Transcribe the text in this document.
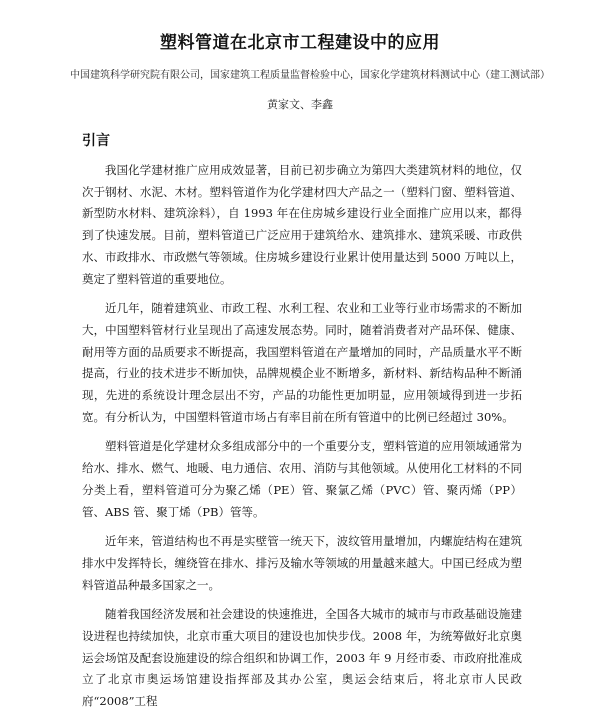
塑料管道在北京市工程建设中的应用
中国建筑科学研究院有限公司，国家建筑工程质量监督检验中心，国家化学建筑材料测试中心（建工测试部）
黄家文、李鑫
引言

我国化学建材推广应用成效显著，目前已初步确立为第四大类建筑材料的地位，仅次于钢材、水泥、木材。塑料管道作为化学建材四大产品之一（塑料门窗、塑料管道、新型防水材料、建筑涂料），自 1993 年在住房城乡建设行业全面推广应用以来，都得到了快速发展。目前，塑料管道已广泛应用于建筑给水、建筑排水、建筑采暖、市政供水、市政排水、市政燃气等领域。住房城乡建设行业累计使用量达到 5000 万吨以上，奠定了塑料管道的重要地位。

近几年，随着建筑业、市政工程、水利工程、农业和工业等行业市场需求的不断加大，中国塑料管材行业呈现出了高速发展态势。同时，随着消费者对产品环保、健康、耐用等方面的品质要求不断提高，我国塑料管道在产量增加的同时，产品质量水平不断提高，行业的技术进步不断加快，品牌规模企业不断增多，新材料、新结构品种不断涌现，先进的系统设计理念层出不穷，产品的功能性更加明显，应用领域得到进一步拓宽。有分析认为，中国塑料管道市场占有率目前在所有管道中的比例已经超过 30%。

塑料管道是化学建材众多组成部分中的一个重要分支，塑料管道的应用领域通常为给水、排水、燃气、地暖、电力通信、农用、消防与其他领域。从使用化工材料的不同分类上看，塑料管道可分为聚乙烯（PE）管、聚氯乙烯（PVC）管、聚丙烯（PP）管、ABS 管、聚丁烯（PB）管等。

近年来，管道结构也不再是实壁管一统天下，波纹管用量增加，内螺旋结构在建筑排水中发挥特长，缠绕管在排水、排污及输水等领域的用量越来越大。中国已经成为塑料管道品种最多国家之一。

随着我国经济发展和社会建设的快速推进，全国各大城市的城市与市政基础设施建设进程也持续加快，北京市重大项目的建设也加快步伐。2008 年，为统筹做好北京奥运会场馆及配套设施建设的综合组织和协调工作，2003 年 9 月经市委、市政府批准成立了北京市奥运场馆建设指挥部及其办公室，奥运会结束后，将北京市人民政府“2008”工程
